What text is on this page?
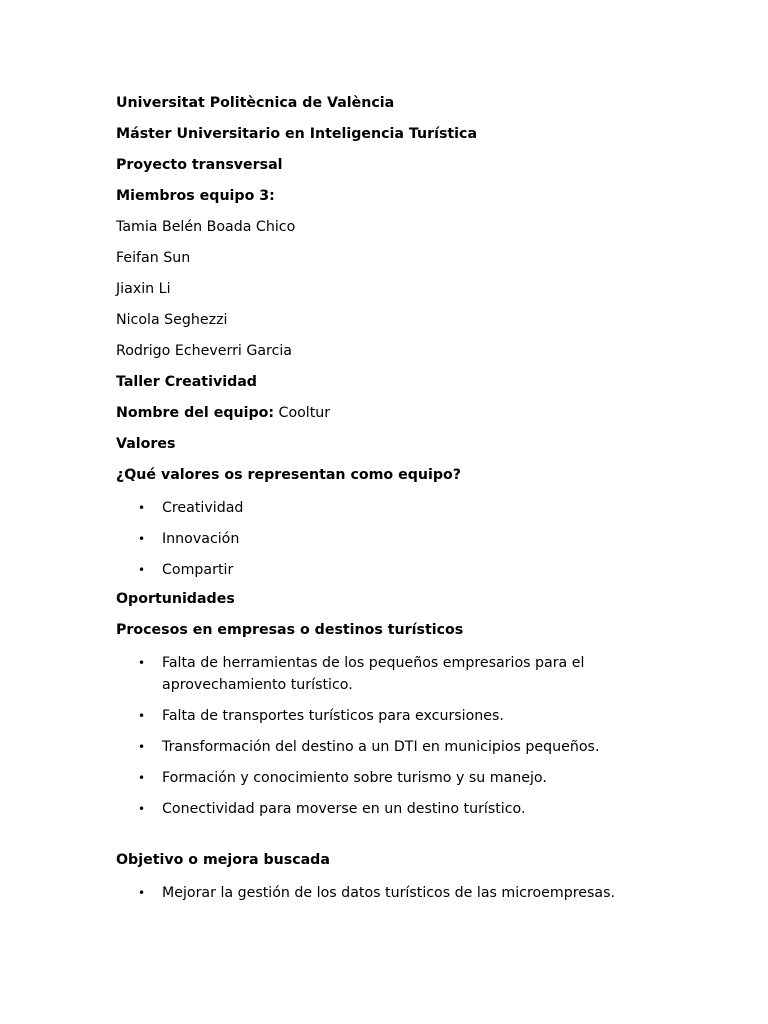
Universitat Politècnica de València
Máster Universitario en Inteligencia Turística
Proyecto transversal
Miembros equipo 3:
Tamia Belén Boada Chico
Feifan Sun
Jiaxin Li
Nicola Seghezzi
Rodrigo Echeverri Garcia
Taller Creatividad
Nombre del equipo: Cooltur
Valores
¿Qué valores os representan como equipo?
• Creatividad
• Innovación
• Compartir
Oportunidades
Procesos en empresas o destinos turísticos
• Falta de herramientas de los pequeños empresarios para el aprovechamiento turístico.
• Falta de transportes turísticos para excursiones.
• Transformación del destino a un DTI en municipios pequeños.
• Formación y conocimiento sobre turismo y su manejo.
• Conectividad para moverse en un destino turístico.
Objetivo o mejora buscada
• Mejorar la gestión de los datos turísticos de las microempresas.
